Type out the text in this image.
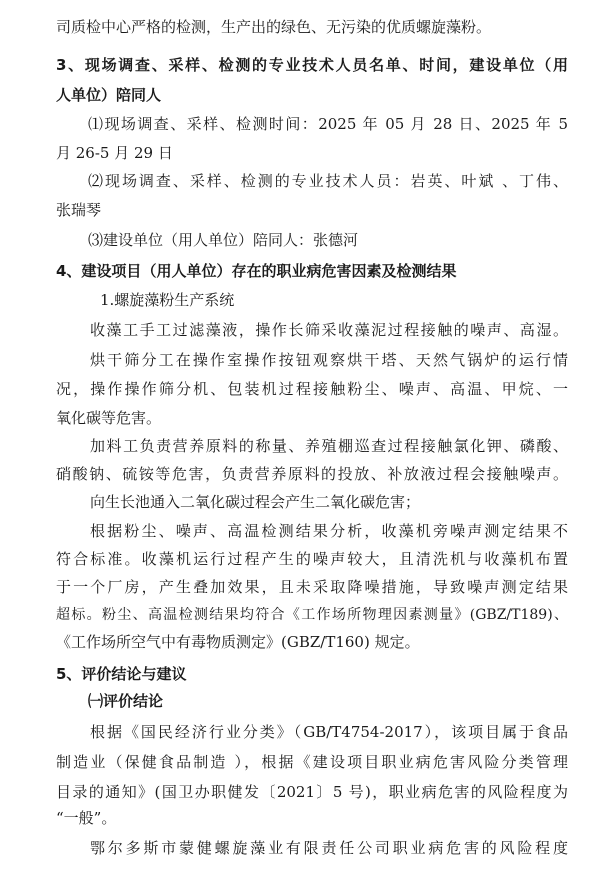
司质检中心严格的检测，生产出的绿色、无污染的优质螺旋藻粉。
3、现场调查、采样、检测的专业技术人员名单、时间，建设单位（用
人单位）陪同人
⑴现场调查、采样、检测时间：2025 年 05 月 28 日、2025 年 5
月 26-5 月 29 日
⑵现场调查、采样、检测的专业技术人员：岩英、叶斌 、丁伟、
张瑞琴
⑶建设单位（用人单位）陪同人：张德河
4、建设项目（用人单位）存在的职业病危害因素及检测结果
1.螺旋藻粉生产系统
收藻工手工过滤藻液，操作长筛采收藻泥过程接触的噪声、高湿。
烘干筛分工在操作室操作按钮观察烘干塔、天然气锅炉的运行情
况，操作操作筛分机、包装机过程接触粉尘、噪声、高温、甲烷、一
氧化碳等危害。
加料工负责营养原料的称量、养殖棚巡查过程接触氯化钾、磷酸、
硝酸钠、硫铵等危害，负责营养原料的投放、补放液过程会接触噪声。
向生长池通入二氧化碳过程会产生二氧化碳危害；
根据粉尘、噪声、高温检测结果分析，收藻机旁噪声测定结果不
符合标准。收藻机运行过程产生的噪声较大，且清洗机与收藻机布置
于一个厂房，产生叠加效果，且未采取降噪措施，导致噪声测定结果
超标。粉尘、高温检测结果均符合《工作场所物理因素测量》(GBZ/T189)、
《工作场所空气中有毒物质测定》(GBZ/T160) 规定。
5、评价结论与建议
㈠评价结论
根据《国民经济行业分类》（GB/T4754-2017），该项目属于食品
制造业（保健食品制造 ），根据《建设项目职业病危害风险分类管理
目录的通知》(国卫办职健发〔2021〕5 号)，职业病危害的风险程度为
“一般”。
鄂尔多斯市蒙健螺旋藻业有限责任公司职业病危害的风险程度
